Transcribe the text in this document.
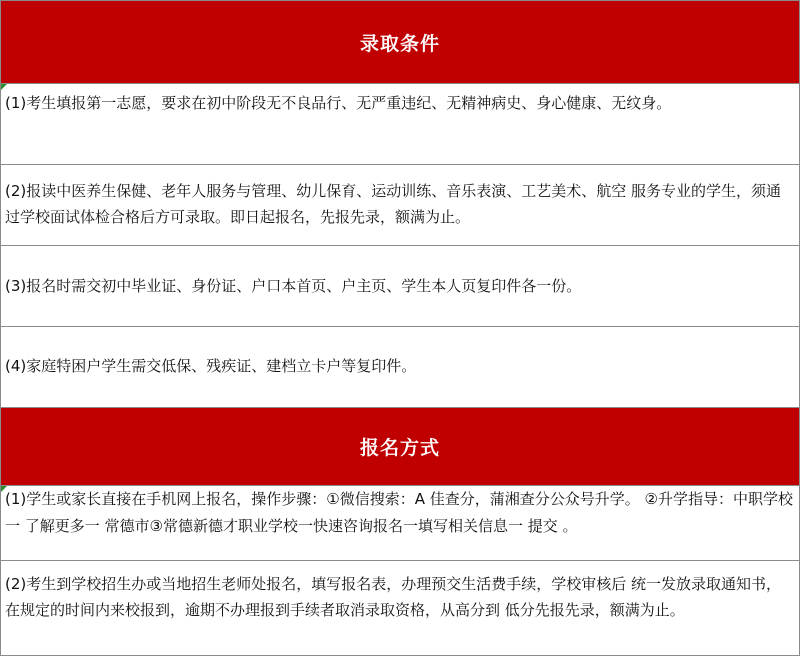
录取条件

(1)考生填报第一志愿，要求在初中阶段无不良品行、无严重违纪、无精神病史、身心健康、无纹身。

(2)报读中医养生保健、老年人服务与管理、幼儿保育、运动训练、音乐表演、工艺美术、航空 服务专业的学生，须通过学校面试体检合格后方可录取。即日起报名，先报先录，额满为止。

(3)报名时需交初中毕业证、身份证、户口本首页、户主页、学生本人页复印件各一份。

(4)家庭特困户学生需交低保、残疾证、建档立卡户等复印件。

报名方式

(1)学生或家长直接在手机网上报名，操作步骤：①微信搜索：A 佳查分，蒲湘查分公众号升学。 ②升学指导：中职学校一 了解更多一 常德市③常德新德才职业学校一快速咨询报名一填写相关信息一 提交 。

(2)考生到学校招生办或当地招生老师处报名，填写报名表，办理预交生活费手续，学校审核后 统一发放录取通知书，在规定的时间内来校报到，逾期不办理报到手续者取消录取资格，从高分到 低分先报先录，额满为止。
